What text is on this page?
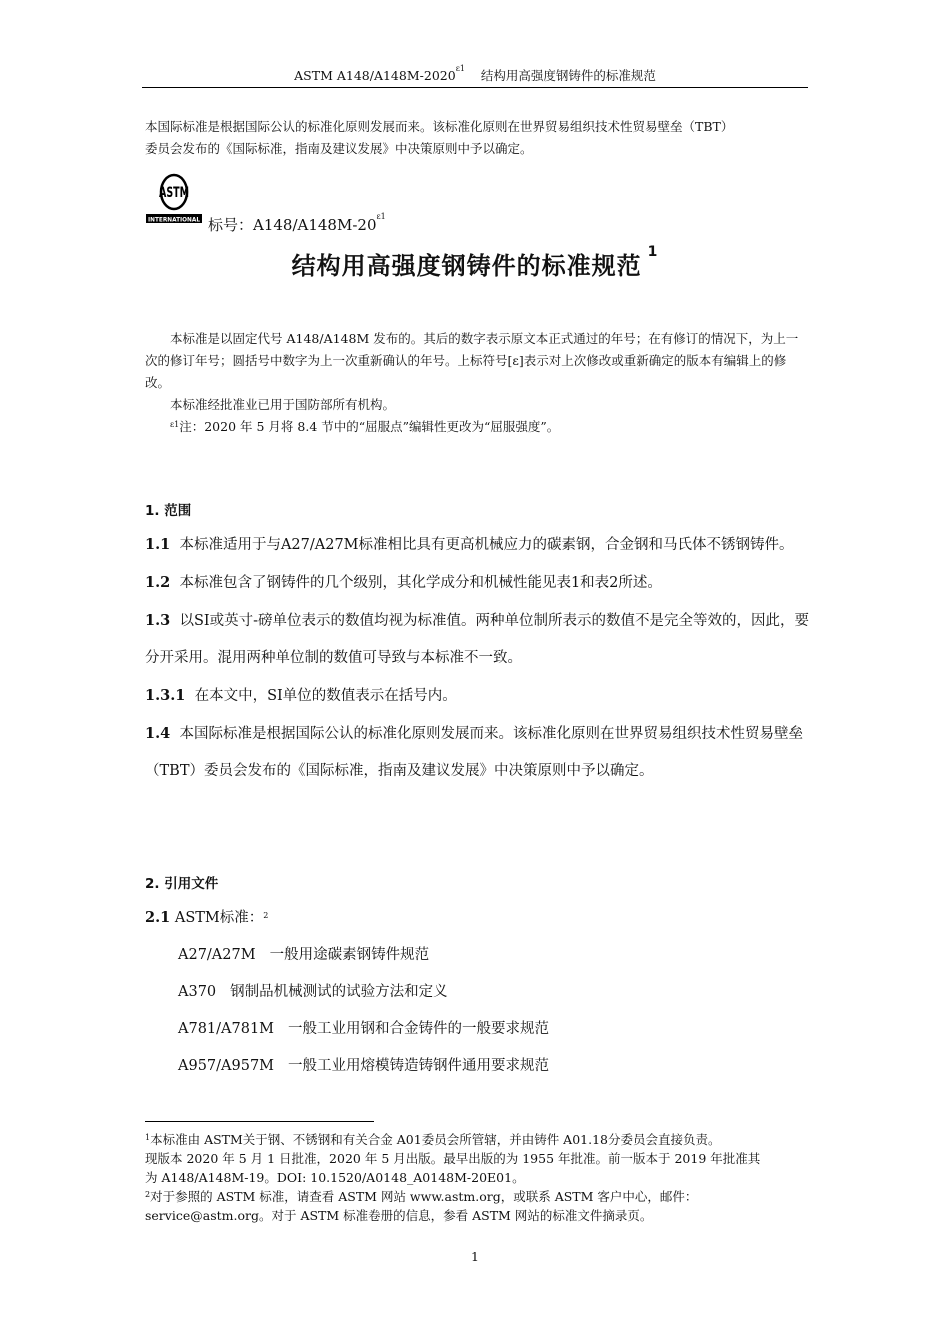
ASTM $A148/A148M-2020^{\varepsilon 1}$ 结构用高强度钢铸件的标准规范
本国际标准是根据国际公认的标准化原则发展而来。该标准化原则在世界贸易组织技术性贸易壁垒（TBT）
委员会发布的《国际标准，指南及建议发展》中决策原则中予以确定。
ASTM
INTERNATIONAL 标号：$A148/A148M-20^{\varepsilon 1}$
结构用高强度钢铸件的标准规范 $^1$

本标准是以固定代号 A148/A148M 发布的。其后的数字表示原文本正式通过的年号；在有修订的情况下，为上一次的修订年号；圆括号中数字为上一次重新确认的年号。上标符号[ε]表示对上次修改或重新确定的版本有编辑上的修改。

本标准经批准业已用于国防部所有机构。

$^{\varepsilon 1}$注：2020 年 5 月将 8.4 节中的“屈服点”编辑性更改为“屈服强度”。

1. 范围

1.1 本标准适用于与A27/A27M标准相比具有更高机械应力的碳素钢，合金钢和马氏体不锈钢铸件。

1.2 本标准包含了钢铸件的几个级别，其化学成分和机械性能见表1和表2所述。

1.3 以SI或英寸-磅单位表示的数值均视为标准值。两种单位制所表示的数值不是完全等效的，因此，要分开采用。混用两种单位制的数值可导致与本标准不一致。

1.3.1 在本文中，SI单位的数值表示在括号内。

1.4 本国际标准是根据国际公认的标准化原则发展而来。该标准化原则在世界贸易组织技术性贸易壁垒（TBT）委员会发布的《国际标准，指南及建议发展》中决策原则中予以确定。

2. 引用文件

2.1 ASTM标准：$^2$

A27/A27M 一般用途碳素钢铸件规范
A370 钢制品机械测试的试验方法和定义
A781/A781M 一般工业用钢和合金铸件的一般要求规范
A957/A957M 一般工业用熔模铸造铸钢件通用要求规范

$^1$本标准由 ASTM关于钢、不锈钢和有关合金 A01委员会所管辖，并由铸件 A01.18分委员会直接负责。

现版本 2020 年 5 月 1 日批准，2020 年 5 月出版。最早出版的为 1955 年批准。前一版本于 2019 年批准其

为 A148/A148M-19。DOI: 10.1520/A0148_A0148M-20E01。

$^2$对于参照的 ASTM 标准，请查看 ASTM 网站 www.astm.org，或联系 ASTM 客户中心，邮件：

service@astm.org。对于 ASTM 标准卷册的信息，参看 ASTM 网站的标准文件摘录页。

1
